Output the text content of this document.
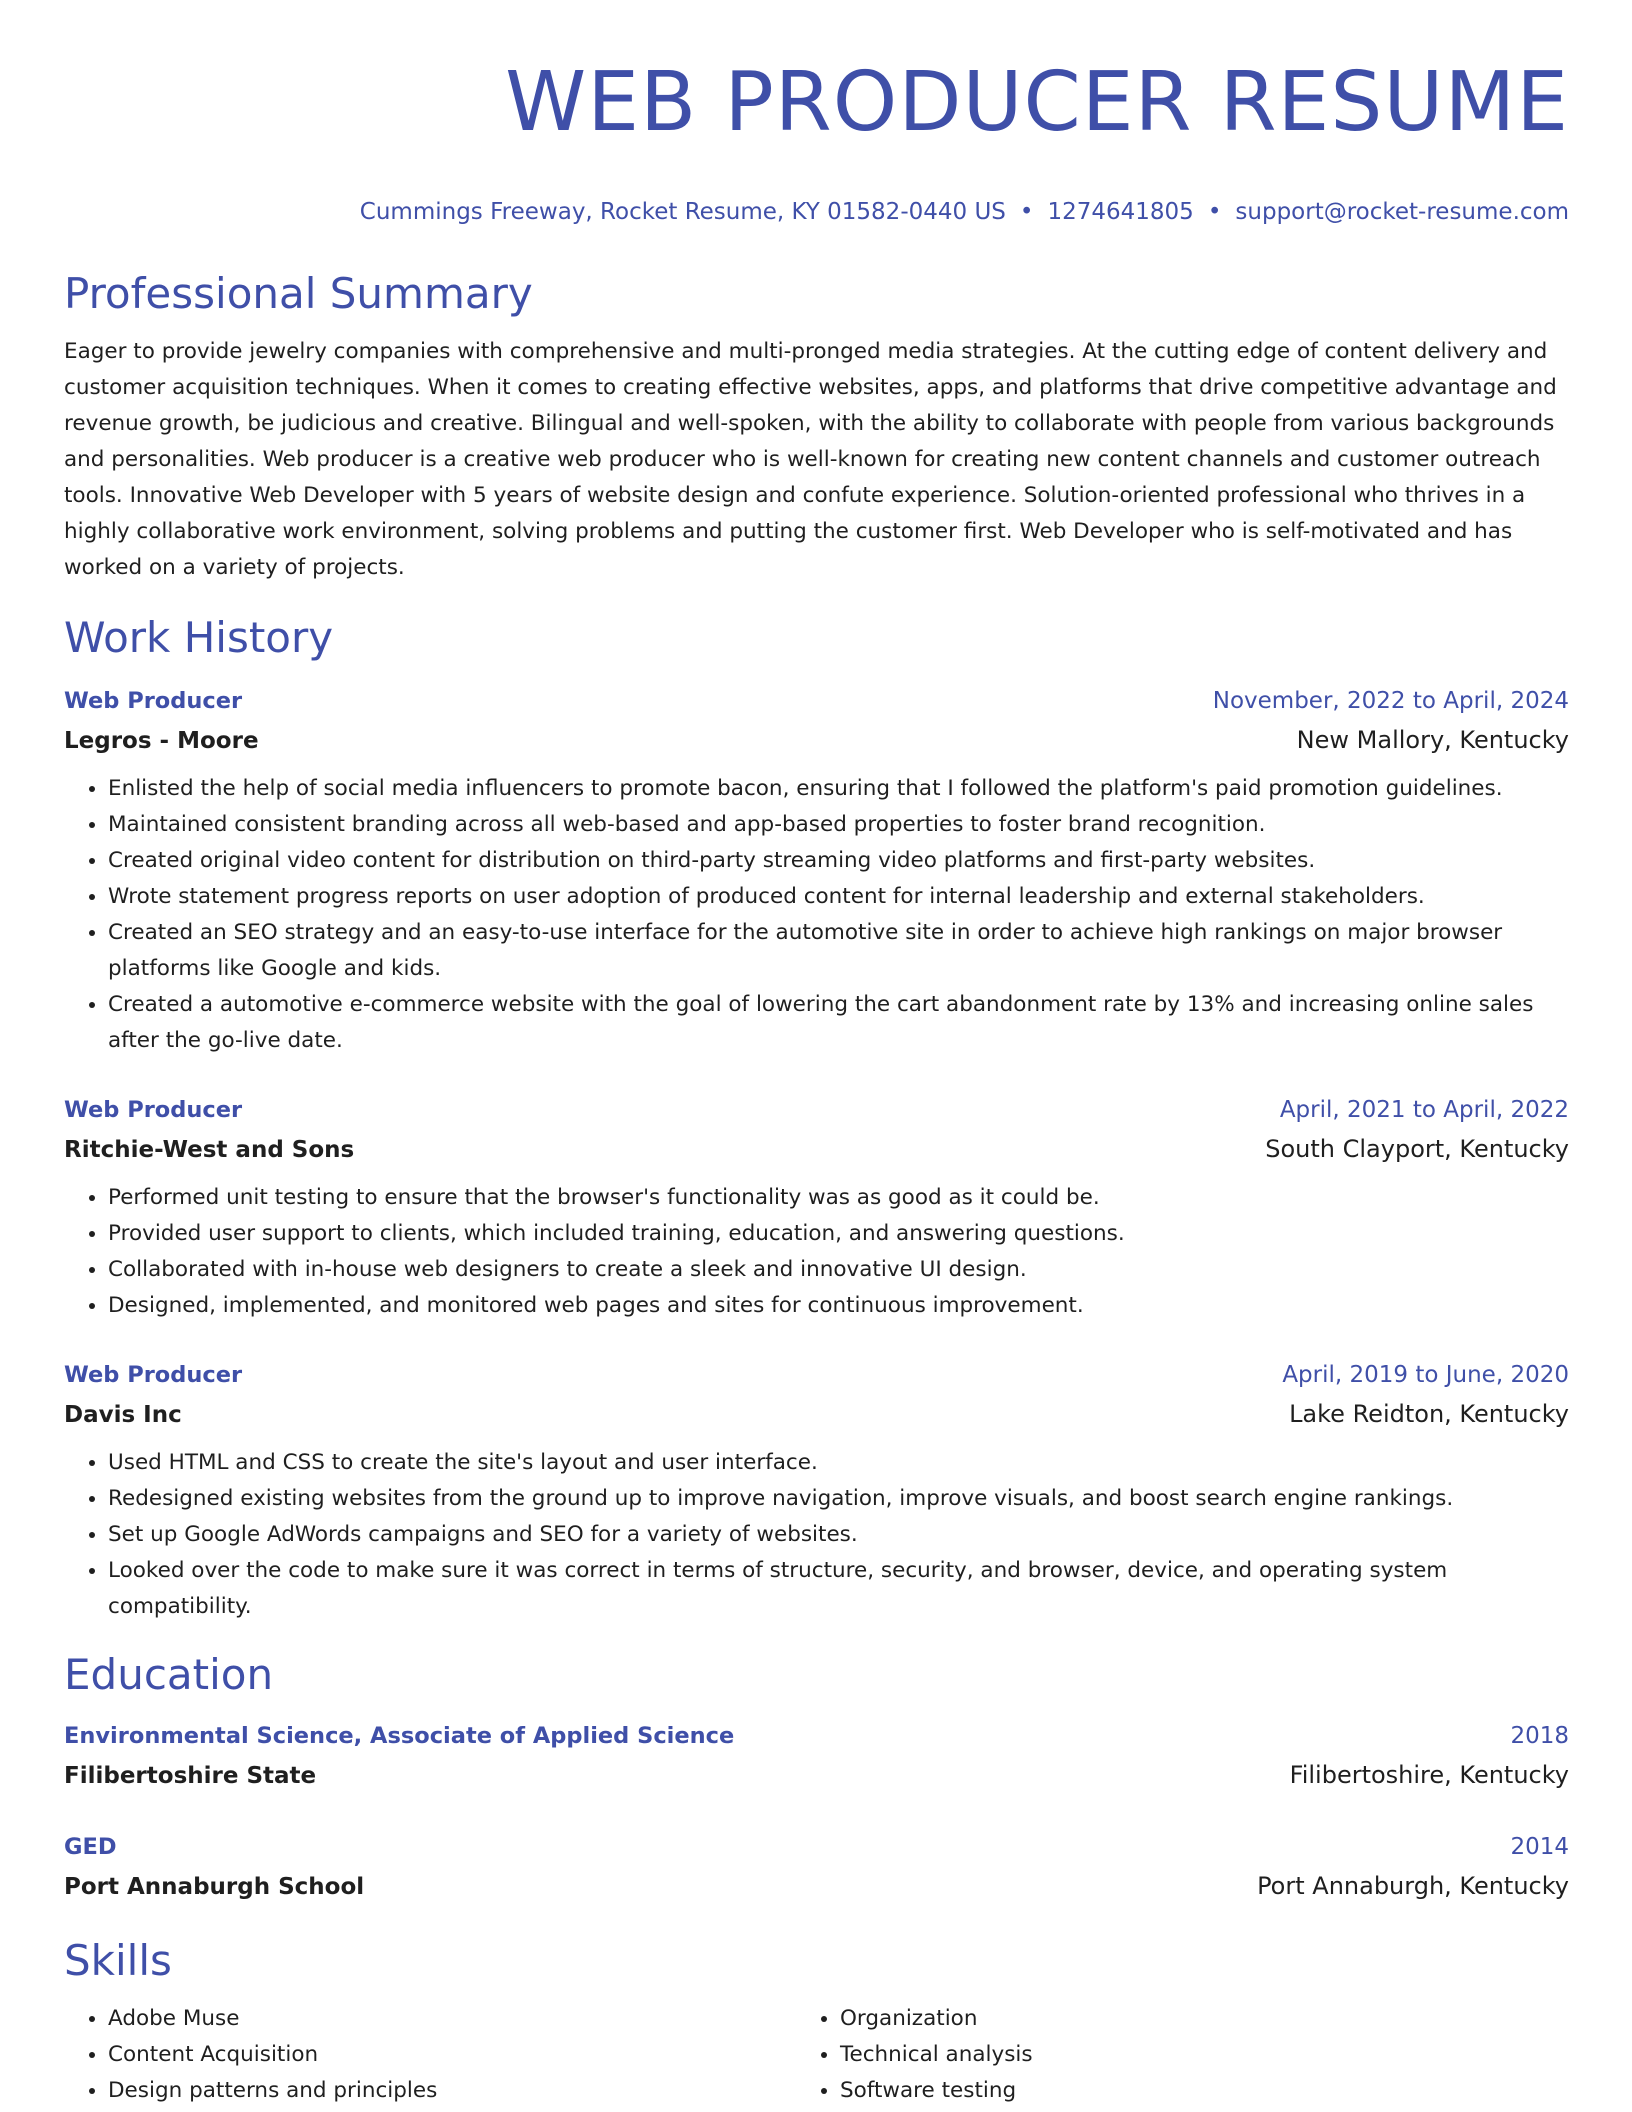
WEB PRODUCER RESUME
Cummings Freeway, Rocket Resume, KY 01582-0440 US • 1274641805 • support@rocket-resume.com
Professional Summary
Eager to provide jewelry companies with comprehensive and multi-pronged media strategies. At the cutting edge of content delivery and customer acquisition techniques. When it comes to creating effective websites, apps, and platforms that drive competitive advantage and revenue growth, be judicious and creative. Bilingual and well-spoken, with the ability to collaborate with people from various backgrounds and personalities. Web producer is a creative web producer who is well-known for creating new content channels and customer outreach tools. Innovative Web Developer with 5 years of website design and confute experience. Solution-oriented professional who thrives in a highly collaborative work environment, solving problems and putting the customer first. Web Developer who is self-motivated and has worked on a variety of projects.
Work History
Web Producer	November, 2022 to April, 2024
Legros - Moore	New Mallory, Kentucky
• Enlisted the help of social media influencers to promote bacon, ensuring that I followed the platform's paid promotion guidelines.
• Maintained consistent branding across all web-based and app-based properties to foster brand recognition.
• Created original video content for distribution on third-party streaming video platforms and first-party websites.
• Wrote statement progress reports on user adoption of produced content for internal leadership and external stakeholders.
• Created an SEO strategy and an easy-to-use interface for the automotive site in order to achieve high rankings on major browser platforms like Google and kids.
• Created a automotive e-commerce website with the goal of lowering the cart abandonment rate by 13% and increasing online sales after the go-live date.
Web Producer	April, 2021 to April, 2022
Ritchie-West and Sons	South Clayport, Kentucky
• Performed unit testing to ensure that the browser's functionality was as good as it could be.
• Provided user support to clients, which included training, education, and answering questions.
• Collaborated with in-house web designers to create a sleek and innovative UI design.
• Designed, implemented, and monitored web pages and sites for continuous improvement.
Web Producer	April, 2019 to June, 2020
Davis Inc	Lake Reidton, Kentucky
• Used HTML and CSS to create the site's layout and user interface.
• Redesigned existing websites from the ground up to improve navigation, improve visuals, and boost search engine rankings.
• Set up Google AdWords campaigns and SEO for a variety of websites.
• Looked over the code to make sure it was correct in terms of structure, security, and browser, device, and operating system compatibility.
Education
Environmental Science, Associate of Applied Science	2018
Filibertoshire State	Filibertoshire, Kentucky
GED	2014
Port Annaburgh School	Port Annaburgh, Kentucky
Skills
• Adobe Muse
• Content Acquisition
• Design patterns and principles
• Organization
• Technical analysis
• Software testing
